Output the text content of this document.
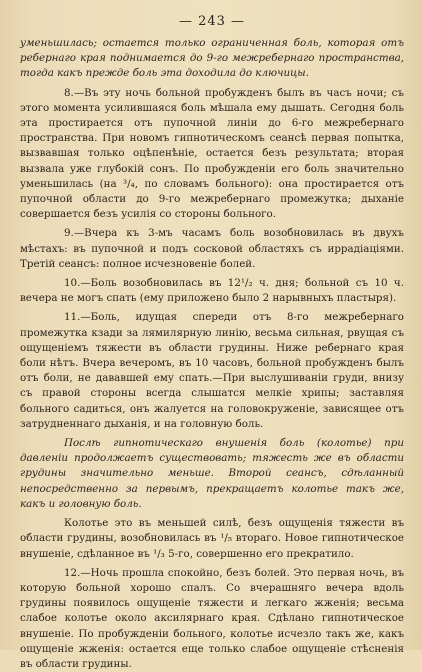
— 243 —

уменьшилась; остается только ограниченная боль, которая отъ ребернаго края поднимается до 9-го межребернаго пространства, тогда какъ прежде боль эта доходила до ключицы.

8.—Въ эту ночь больной пробужденъ былъ въ часъ ночи; съ этого момента усилившаяся боль мѣшала ему дышать. Сегодня боль эта простирается отъ пупочной линіи до 6-го межребернаго пространства. При новомъ гипнотическомъ сеансѣ первая попытка, вызвавшая только оцѣпенѣніе, остается безъ результата; вторая вызвала уже глубокій сонъ. По пробужденіи его боль значительно уменьшилась (на ³/₄, по словамъ больного): она простирается отъ пупочной области до 9-го межребернаго промежутка; дыханіе совершается безъ усилія со стороны больного.

9.—Вчера къ 3-мъ часамъ боль возобновилась въ двухъ мѣстахъ: въ пупочной и подъ сосковой областяхъ съ иррадіацiями. Третій сеансъ: полное исчезновеніе болей.

10.—Боль возобновилась въ 12¹/₂ ч. дня; больной съ 10 ч. вечера не могъ спать (ему приложено было 2 нарывныхъ пластыря).

11.—Боль, идущая спереди отъ 8-го межребернаго промежутка кзади за лямилярную линію, весьма сильная, рвущая съ ощущеніемъ тяжести въ области грудины. Ниже ребернаго края боли нѣтъ. Вчера вечеромъ, въ 10 часовъ, больной пробужденъ былъ отъ боли, не дававшей ему спать.—При выслушиваніи груди, внизу съ правой стороны всегда слышатся мелкіе хрипы; заставляя больного садиться, онъ жалуется на головокруженіе, зависящее отъ затрудненнаго дыханія, и на головную боль.

Послѣ гипнотическаго внушенія боль (колотье) при давленіи продолжаетъ существовать; тяжесть же въ области грудины значительно меньше. Второй сеансъ, сдѣланный непосредственно за первымъ, прекращаетъ колотье такъ же, какъ и головную боль.

Колотье это въ меньшей силѣ, безъ ощущенія тяжести въ области грудины, возобновилась въ ¹/₅ втораго. Новое гипнотическое внушеніе, сдѣланное въ ¹/₃ 5-го, совершенно его прекратило.

12.—Ночь прошла спокойно, безъ болей. Это первая ночь, въ которую больной хорошо спалъ. Со вчерашняго вечера вдоль грудины появилось ощущеніе тяжести и легкаго жженія; весьма слабое колотье около аксилярнаго края. Сдѣлано гипнотическое внушеніе. По пробужденіи больного, колотье исчезло такъ же, какъ ощущеніе жженія: остается еще только слабое ощущеніе стѣсненія въ области грудины.
